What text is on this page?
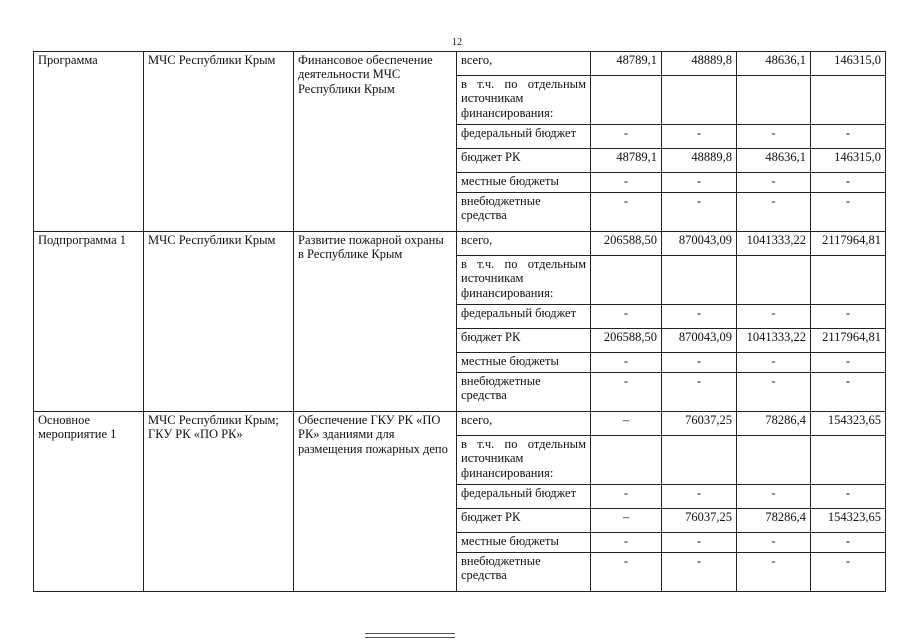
12
Программа	МЧС Республики Крым	Финансовое обеспечение деятельности МЧС Республики Крым	всего,	48789,1	48889,8	48636,1	146315,0
			в т.ч. по отдельным источникам финансирования:				
			федеральный бюджет	-	-	-	-
			бюджет РК	48789,1	48889,8	48636,1	146315,0
			местные бюджеты	-	-	-	-
			внебюджетные средства	-	-	-	-
Подпрограмма 1	МЧС Республики Крым	Развитие пожарной охраны в Республике Крым	всего,	206588,50	870043,09	1041333,22	2117964,81
			в т.ч. по отдельным источникам финансирования:				
			федеральный бюджет	-	-	-	-
			бюджет РК	206588,50	870043,09	1041333,22	2117964,81
			местные бюджеты	-	-	-	-
			внебюджетные средства	-	-	-	-
Основное мероприятие 1	МЧС Республики Крым; ГКУ РК «ПО РК»	Обеспечение ГКУ РК «ПО РК» зданиями для размещения пожарных депо	всего,	–	76037,25	78286,4	154323,65
			в т.ч. по отдельным источникам финансирования:				
			федеральный бюджет	-	-	-	-
			бюджет РК	–	76037,25	78286,4	154323,65
			местные бюджеты	-	-	-	-
			внебюджетные средства	-	-	-	-
